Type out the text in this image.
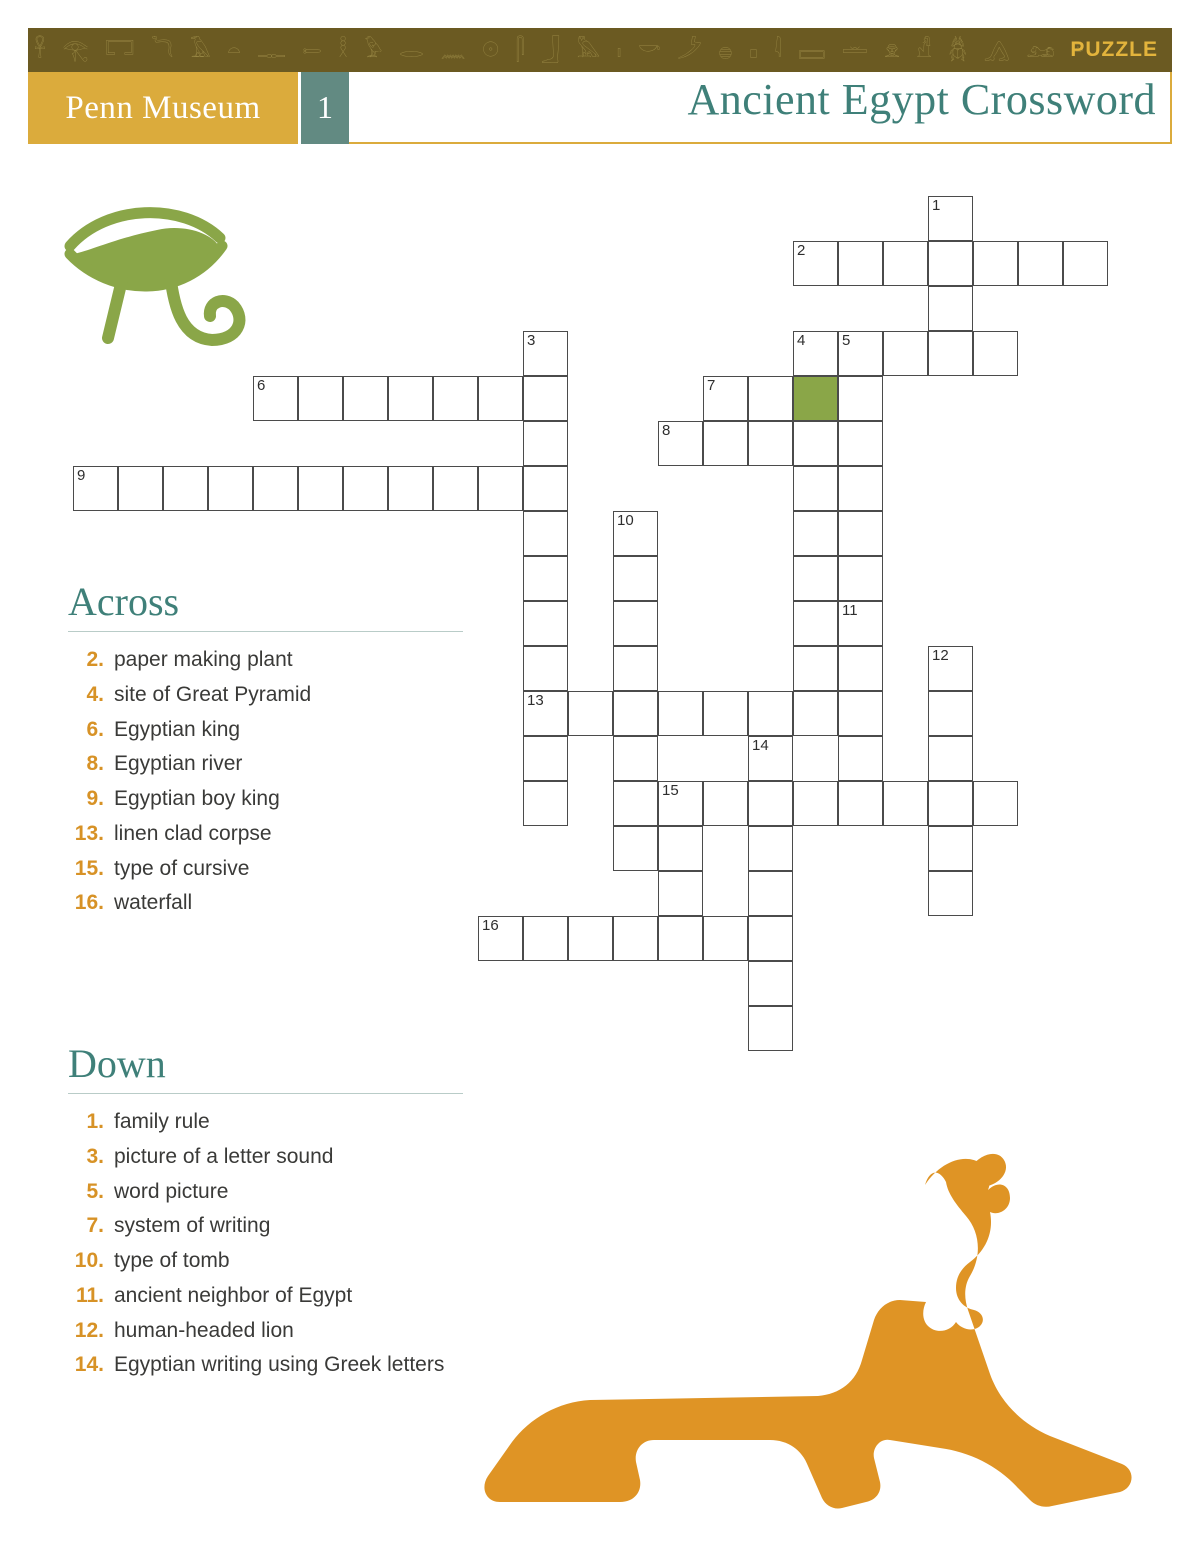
𓋹 𓂀 𓉐 𓆓 𓄿 𓏏 𓊃 𓍿 𓎛 𓅱 𓂋 𓈖 𓇳 𓋴 𓃀 𓅓 𓏤 𓎡 𓌳 𓐍 𓊪 𓇋 𓈙 𓏛 𓁷 𓀭 𓆣 𓂻 𓃭 𓎼
PUZZLE
Penn Museum	1	Ancient Egypt Crossword
1
2
4 5
3
6	7
8
9
10
11
12
13
14
15
16
Across
2. paper making plant
4. site of Great Pyramid
6. Egyptian king
8. Egyptian river
9. Egyptian boy king
13. linen clad corpse
15. type of cursive
16. waterfall
Down
1. family rule
3. picture of a letter sound
5. word picture
7. system of writing
10. type of tomb
11. ancient neighbor of Egypt
12. human-headed lion
14. Egyptian writing using Greek letters
